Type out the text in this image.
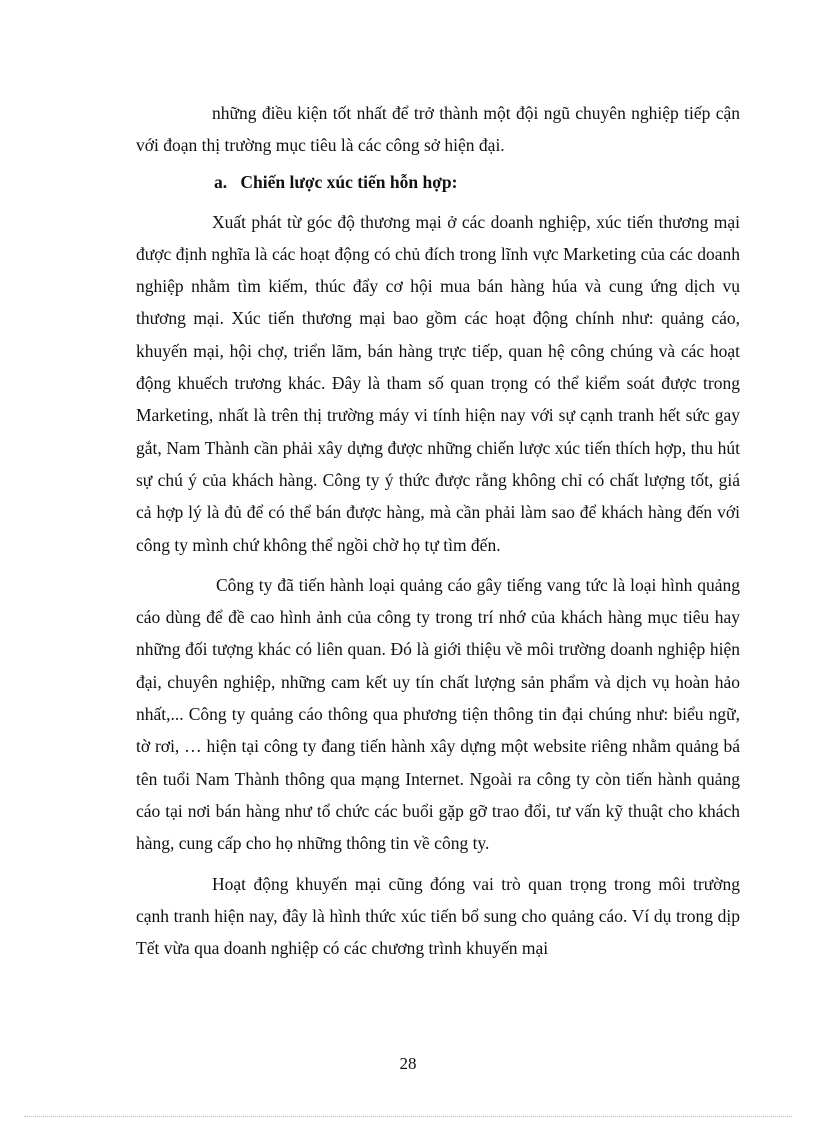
những điều kiện tốt nhất để trở thành một đội ngũ chuyên nghiệp tiếp cận với đoạn thị trường mục tiêu là các công sở hiện đại.

a. Chiến lược xúc tiến hỗn hợp:

Xuất phát từ góc độ thương mại ở các doanh nghiệp, xúc tiến thương mại được định nghĩa là các hoạt động có chủ đích trong lĩnh vực Marketing của các doanh nghiệp nhằm tìm kiếm, thúc đẩy cơ hội mua bán hàng húa và cung ứng dịch vụ thương mại. Xúc tiến thương mại bao gồm các hoạt động chính như: quảng cáo, khuyến mại, hội chợ, triển lãm, bán hàng trực tiếp, quan hệ công chúng và các hoạt động khuếch trương khác. Đây là tham số quan trọng có thể kiểm soát được trong Marketing, nhất là trên thị trường máy vi tính hiện nay với sự cạnh tranh hết sức gay gắt, Nam Thành cần phải xây dựng được những chiến lược xúc tiến thích hợp, thu hút sự chú ý của khách hàng. Công ty ý thức được rằng không chỉ có chất lượng tốt, giá cả hợp lý là đủ để có thể bán được hàng, mà cần phải làm sao để khách hàng đến với công ty mình chứ không thể ngồi chờ họ tự tìm đến.

Công ty đã tiến hành loại quảng cáo gây tiếng vang tức là loại hình quảng cáo dùng để đề cao hình ảnh của công ty trong trí nhớ của khách hàng mục tiêu hay những đối tượng khác có liên quan. Đó là giới thiệu về môi trường doanh nghiệp hiện đại, chuyên nghiệp, những cam kết uy tín chất lượng sản phẩm và dịch vụ hoàn hảo nhất,... Công ty quảng cáo thông qua phương tiện thông tin đại chúng như: biểu ngữ, tờ rơi, … hiện tại công ty đang tiến hành xây dựng một website riêng nhằm quảng bá tên tuổi Nam Thành thông qua mạng Internet. Ngoài ra công ty còn tiến hành quảng cáo tại nơi bán hàng như tổ chức các buổi gặp gỡ trao đổi, tư vấn kỹ thuật cho khách hàng, cung cấp cho họ những thông tin về công ty.

Hoạt động khuyến mại cũng đóng vai trò quan trọng trong môi trường cạnh tranh hiện nay, đây là hình thức xúc tiến bổ sung cho quảng cáo. Ví dụ trong dịp Tết vừa qua doanh nghiệp có các chương trình khuyến mại

28
